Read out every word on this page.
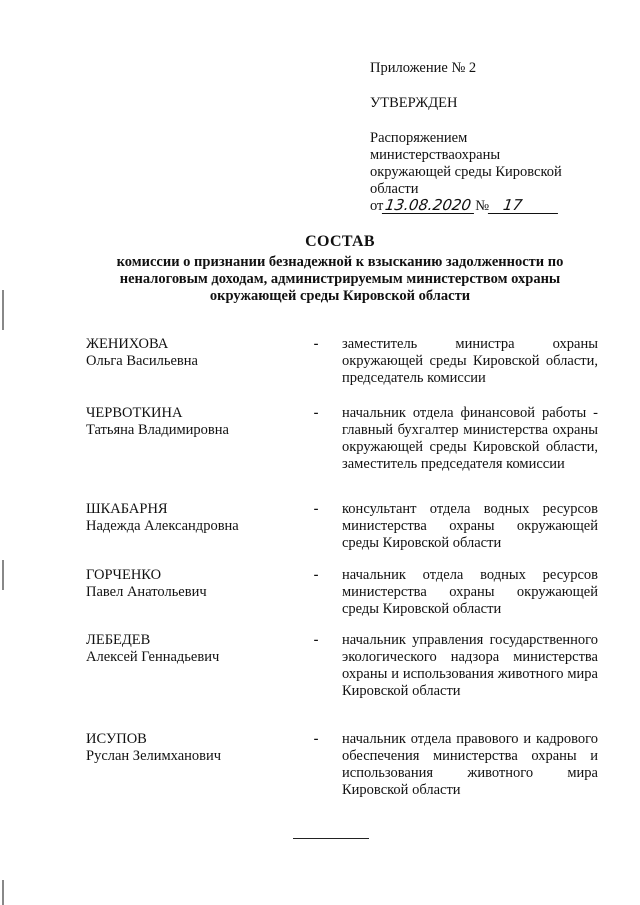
Приложение № 2
УТВЕРЖДЕН
Распоряжением
министерстваохраны
окружающей среды Кировской
области
от13.08.2020 № 17
СОСТАВ
комиссии о признании безнадежной к взысканию задолженности по неналоговым доходам, администрируемым министерством охраны окружающей среды Кировской области
ЖЕНИХОВА
Ольга Васильевна
-	заместитель министра охраны окружающей среды Кировской области, председатель комиссии
ЧЕРВОТКИНА
Татьяна Владимировна
-	начальник отдела финансовой работы - главный бухгалтер министерства охраны окружающей среды Кировской области, заместитель председателя комиссии
ШКАБАРНЯ
Надежда Александровна
-	консультант отдела водных ресурсов министерства охраны окружающей среды Кировской области
ГОРЧЕНКО
Павел Анатольевич
-	начальник отдела водных ресурсов министерства охраны окружающей среды Кировской области
ЛЕБЕДЕВ
Алексей Геннадьевич
-	начальник управления государственного экологического надзора министерства охраны и использования животного мира Кировской области
ИСУПОВ
Руслан Зелимханович
-	начальник отдела правового и кадрового обеспечения министерства охраны и использования животного мира Кировской области
